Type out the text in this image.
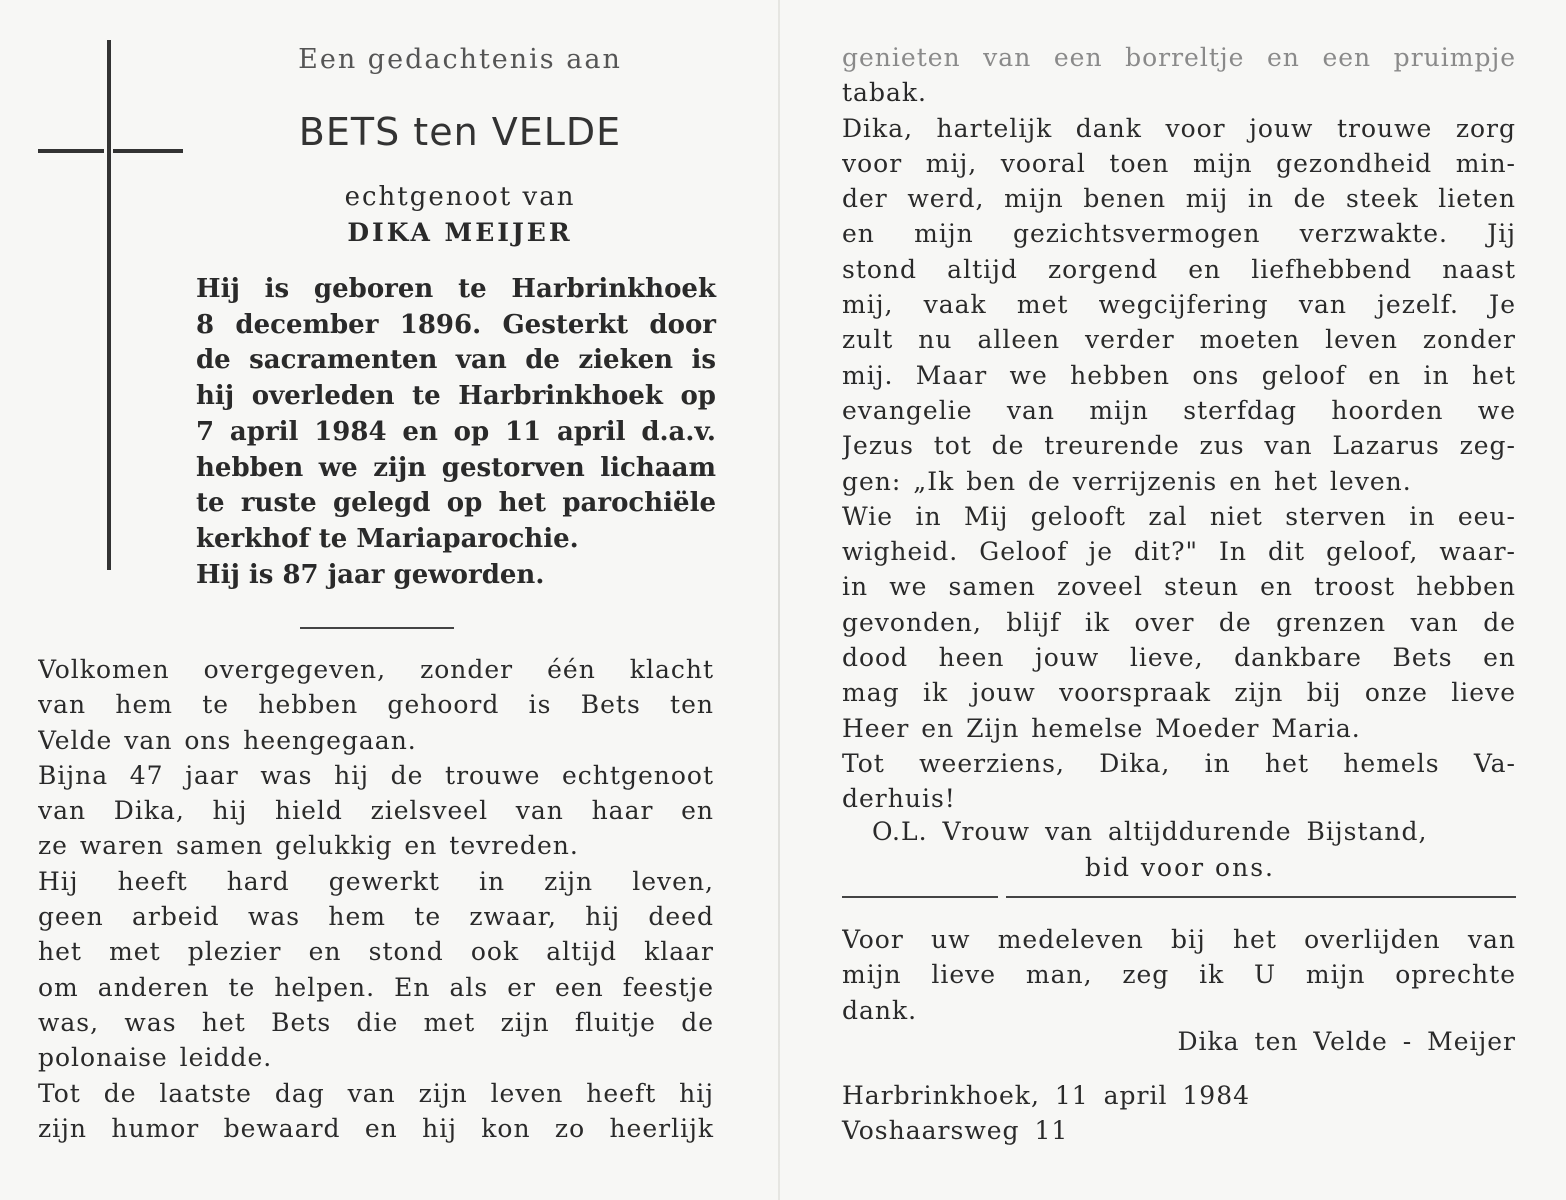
Een gedachtenis aan
BETS ten VELDE
echtgenoot van
DIKA MEIJER
Hij is geboren te Harbrinkhoek
8 december 1896. Gesterkt door
de sacramenten van de zieken is
hij overleden te Harbrinkhoek op
7 april 1984 en op 11 april d.a.v.
hebben we zijn gestorven lichaam
te ruste gelegd op het parochiële
kerkhof te Mariaparochie.
Hij is 87 jaar geworden.
Volkomen overgegeven, zonder één klacht
van hem te hebben gehoord is Bets ten
Velde van ons heengegaan.
Bijna 47 jaar was hij de trouwe echtgenoot
van Dika, hij hield zielsveel van haar en
ze waren samen gelukkig en tevreden.
Hij heeft hard gewerkt in zijn leven,
geen arbeid was hem te zwaar, hij deed
het met plezier en stond ook altijd klaar
om anderen te helpen. En als er een feestje
was, was het Bets die met zijn fluitje de
polonaise leidde.
Tot de laatste dag van zijn leven heeft hij
zijn humor bewaard en hij kon zo heerlijk
genieten van een borreltje en een pruimpje
tabak.
Dika, hartelijk dank voor jouw trouwe zorg
voor mij, vooral toen mijn gezondheid min-
der werd, mijn benen mij in de steek lieten
en mijn gezichtsvermogen verzwakte. Jij
stond altijd zorgend en liefhebbend naast
mij, vaak met wegcijfering van jezelf. Je
zult nu alleen verder moeten leven zonder
mij. Maar we hebben ons geloof en in het
evangelie van mijn sterfdag hoorden we
Jezus tot de treurende zus van Lazarus zeg-
gen: „Ik ben de verrijzenis en het leven.
Wie in Mij gelooft zal niet sterven in eeu-
wigheid. Geloof je dit?" In dit geloof, waar-
in we samen zoveel steun en troost hebben
gevonden, blijf ik over de grenzen van de
dood heen jouw lieve, dankbare Bets en
mag ik jouw voorspraak zijn bij onze lieve
Heer en Zijn hemelse Moeder Maria.
Tot weerziens, Dika, in het hemels Va-
derhuis!
O.L. Vrouw van altijddurende Bijstand,
bid voor ons.
Voor uw medeleven bij het overlijden van
mijn lieve man, zeg ik U mijn oprechte
dank.
Dika ten Velde - Meijer
Harbrinkhoek, 11 april 1984
Voshaarsweg 11
